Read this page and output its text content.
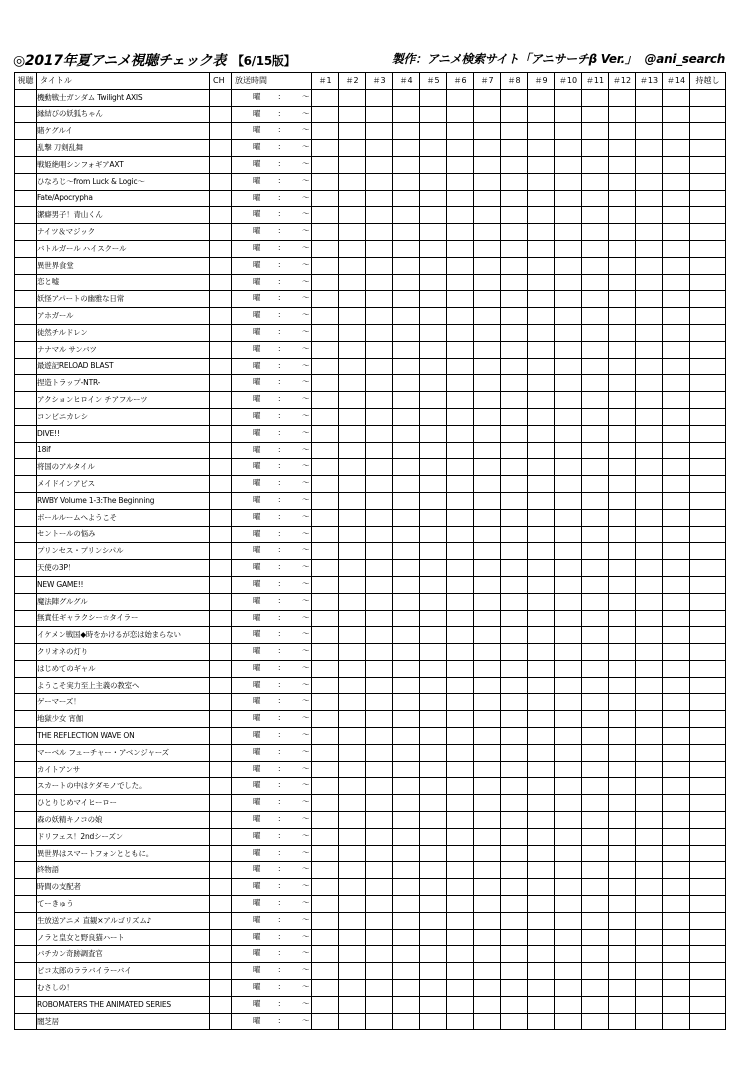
◎2017年夏アニメ視聴チェック表 【6/15版】	製作：アニメ検索サイト「アニサーチβ Ver.」 @ani_search
視聴	タイトル	CH	放送時間	＃1	＃2	＃3	＃4	＃5	＃6	＃7	＃8	＃9	＃10	＃11	＃12	＃13	＃14	持越し
	機動戦士ガンダム Twilight AXIS		曜 : ～															

	縁結びの妖狐ちゃん		曜 : ～															

	賭ケグルイ		曜 : ～															

	乱撃 刀剣乱舞		曜 : ～															

	戦姫絶唱シンフォギアAXT		曜 : ～															

	ひなろじ～from Luck & Logic～		曜 : ～															

	Fate/Apocrypha		曜 : ～															

	潔癖男子！青山くん		曜 : ～															

	ナイツ＆マジック		曜 : ～															

	バトルガール ハイスクール		曜 : ～															

	異世界食堂		曜 : ～															

	恋と嘘		曜 : ～															

	妖怪アパートの幽雅な日常		曜 : ～															

	アホガール		曜 : ～															

	徒然チルドレン		曜 : ～															

	ナナマル サンバツ		曜 : ～															

	最遊記RELOAD BLAST		曜 : ～															

	捏造トラップ-NTR-		曜 : ～															

	アクションヒロイン チアフルーツ		曜 : ～															

	コンビニカレシ		曜 : ～															

	DIVE!!		曜 : ～															

	18if		曜 : ～															

	将国のアルタイル		曜 : ～															

	メイドインアビス		曜 : ～															

	RWBY Volume 1-3:The Beginning		曜 : ～															

	ボールルームへようこそ		曜 : ～															

	セントールの悩み		曜 : ～															

	プリンセス・プリンシパル		曜 : ～															

	天使の3P！		曜 : ～															

	NEW GAME!!		曜 : ～															

	魔法陣グルグル		曜 : ～															

	無責任ギャラクシー☆タイラー		曜 : ～															

	イケメン戦国◆時をかけるが恋は始まらない		曜 : ～															

	クリオネの灯り		曜 : ～															

	はじめてのギャル		曜 : ～															

	ようこそ実力至上主義の教室へ		曜 : ～															

	ゲーマーズ！		曜 : ～															

	地獄少女 宵伽		曜 : ～															

	THE REFLECTION WAVE ON		曜 : ～															

	マーベル フューチャー・アベンジャーズ		曜 : ～															

	カイトアンサ		曜 : ～															

	スカートの中はケダモノでした。		曜 : ～															

	ひとりじめマイヒーロー		曜 : ～															

	森の妖精キノコの娘		曜 : ～															

	ドリフェス！2ndシーズン		曜 : ～															

	異世界はスマートフォンとともに。		曜 : ～															

	終物語		曜 : ～															

	時間の支配者		曜 : ～															

	てーきゅう		曜 : ～															

	生放送アニメ 直観×アルゴリズム♪		曜 : ～															

	ノラと皇女と野良猫ハート		曜 : ～															

	バチカン奇跡調査官		曜 : ～															

	ピコ太郎のララバイラーバイ		曜 : ～															

	むさしの！		曜 : ～															

	ROBOMATERS THE ANIMATED SERIES		曜 : ～															

	闇芝居		曜 : ～															
